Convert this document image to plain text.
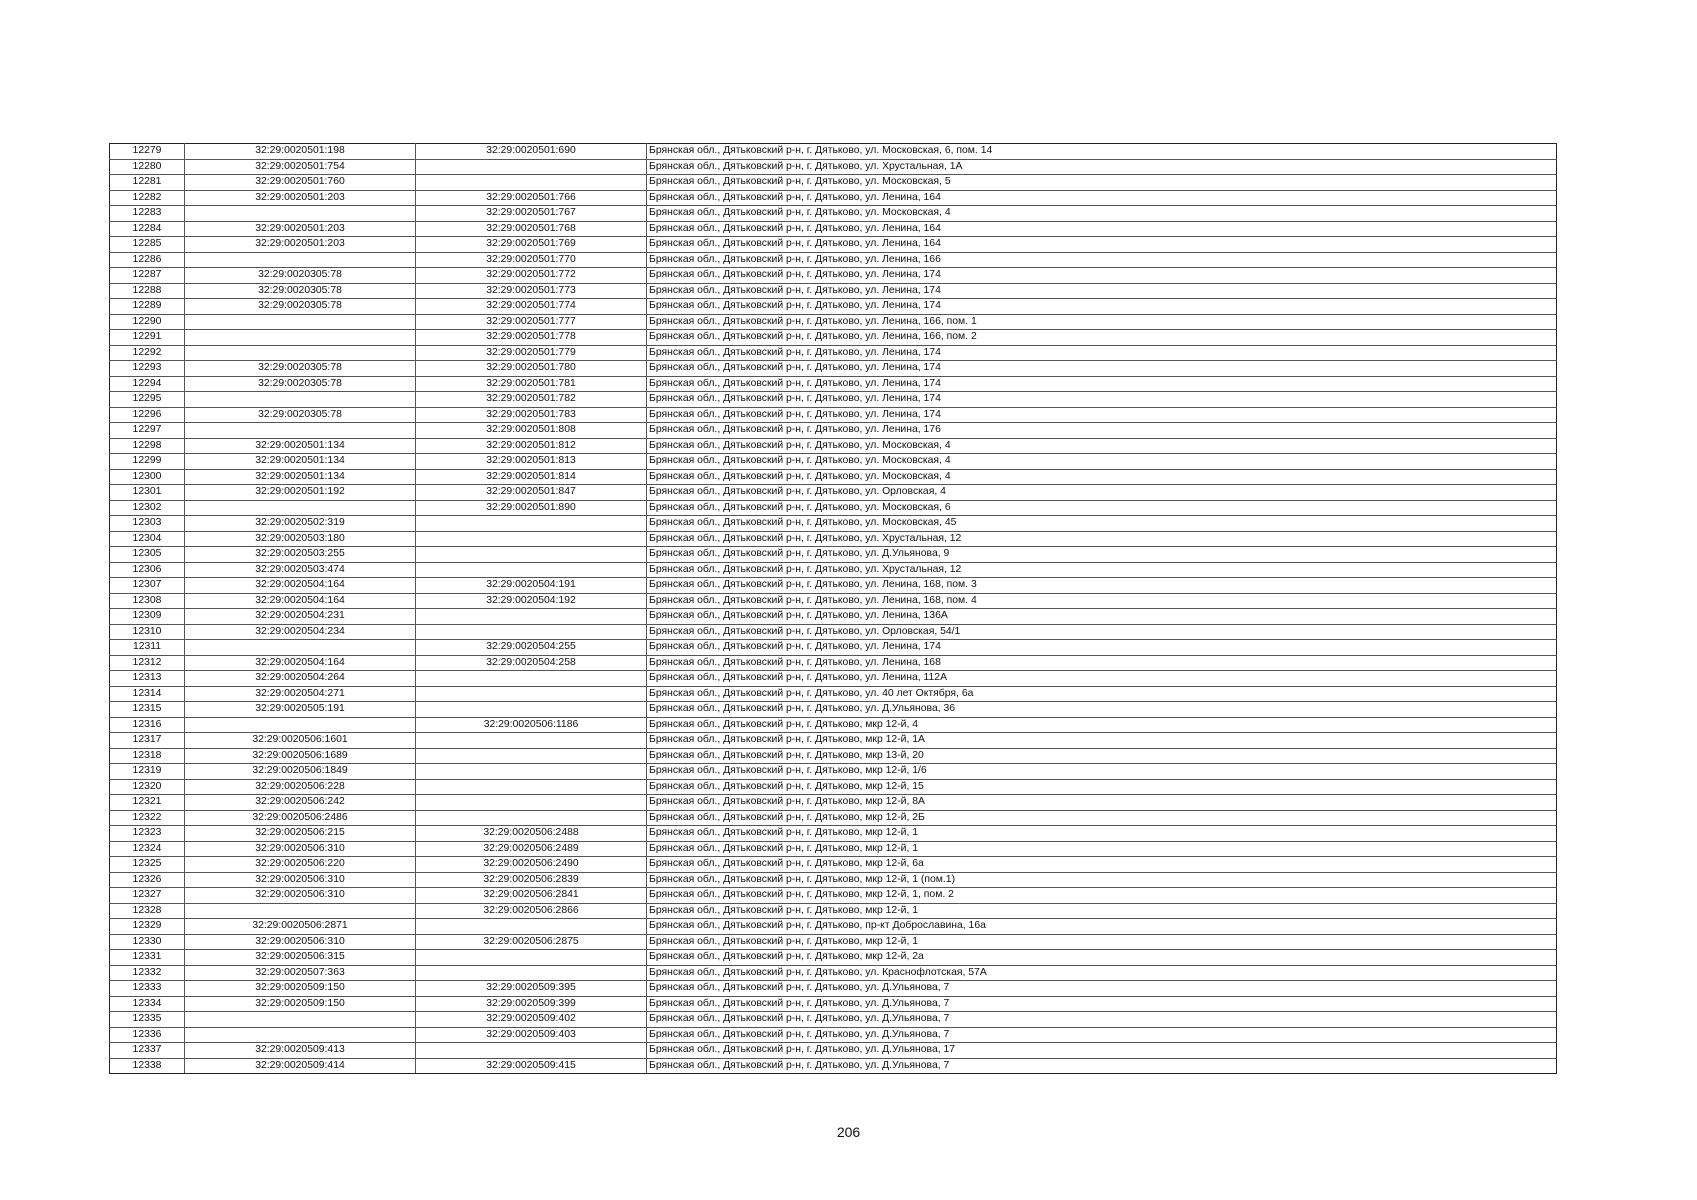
12279	32:29:0020501:198	32:29:0020501:690	Брянская обл., Дятьковский р-н, г. Дятьково, ул. Московская, 6, пом. 14
12280	32:29:0020501:754		Брянская обл., Дятьковский р-н, г. Дятьково, ул. Хрустальная, 1А
12281	32:29:0020501:760		Брянская обл., Дятьковский р-н, г. Дятьково, ул. Московская, 5
12282	32:29:0020501:203	32:29:0020501:766	Брянская обл., Дятьковский р-н, г. Дятьково, ул. Ленина, 164
12283		32:29:0020501:767	Брянская обл., Дятьковский р-н, г. Дятьково, ул. Московская, 4
12284	32:29:0020501:203	32:29:0020501:768	Брянская обл., Дятьковский р-н, г. Дятьково, ул. Ленина, 164
12285	32:29:0020501:203	32:29:0020501:769	Брянская обл., Дятьковский р-н, г. Дятьково, ул. Ленина, 164
12286		32:29:0020501:770	Брянская обл., Дятьковский р-н, г. Дятьково, ул. Ленина, 166
12287	32:29:0020305:78	32:29:0020501:772	Брянская обл., Дятьковский р-н, г. Дятьково, ул. Ленина, 174
12288	32:29:0020305:78	32:29:0020501:773	Брянская обл., Дятьковский р-н, г. Дятьково, ул. Ленина, 174
12289	32:29:0020305:78	32:29:0020501:774	Брянская обл., Дятьковский р-н, г. Дятьково, ул. Ленина, 174
12290		32:29:0020501:777	Брянская обл., Дятьковский р-н, г. Дятьково, ул. Ленина, 166, пом. 1
12291		32:29:0020501:778	Брянская обл., Дятьковский р-н, г. Дятьково, ул. Ленина, 166, пом. 2
12292		32:29:0020501:779	Брянская обл., Дятьковский р-н, г. Дятьково, ул. Ленина, 174
12293	32:29:0020305:78	32:29:0020501:780	Брянская обл., Дятьковский р-н, г. Дятьково, ул. Ленина, 174
12294	32:29:0020305:78	32:29:0020501:781	Брянская обл., Дятьковский р-н, г. Дятьково, ул. Ленина, 174
12295		32:29:0020501:782	Брянская обл., Дятьковский р-н, г. Дятьково, ул. Ленина, 174
12296	32:29:0020305:78	32:29:0020501:783	Брянская обл., Дятьковский р-н, г. Дятьково, ул. Ленина, 174
12297		32:29:0020501:808	Брянская обл., Дятьковский р-н, г. Дятьково, ул. Ленина, 176
12298	32:29:0020501:134	32:29:0020501:812	Брянская обл., Дятьковский р-н, г. Дятьково, ул. Московская, 4
12299	32:29:0020501:134	32:29:0020501:813	Брянская обл., Дятьковский р-н, г. Дятьково, ул. Московская, 4
12300	32:29:0020501:134	32:29:0020501:814	Брянская обл., Дятьковский р-н, г. Дятьково, ул. Московская, 4
12301	32:29:0020501:192	32:29:0020501:847	Брянская обл., Дятьковский р-н, г. Дятьково, ул. Орловская, 4
12302		32:29:0020501:890	Брянская обл., Дятьковский р-н, г. Дятьково, ул. Московская, 6
12303	32:29:0020502:319		Брянская обл., Дятьковский р-н, г. Дятьково, ул. Московская, 45
12304	32:29:0020503:180		Брянская обл., Дятьковский р-н, г. Дятьково, ул. Хрустальная, 12
12305	32:29:0020503:255		Брянская обл., Дятьковский р-н, г. Дятьково, ул. Д.Ульянова, 9
12306	32:29:0020503:474		Брянская обл., Дятьковский р-н, г. Дятьково, ул. Хрустальная, 12
12307	32:29:0020504:164	32:29:0020504:191	Брянская обл., Дятьковский р-н, г. Дятьково, ул. Ленина, 168, пом. 3
12308	32:29:0020504:164	32:29:0020504:192	Брянская обл., Дятьковский р-н, г. Дятьково, ул. Ленина, 168, пом. 4
12309	32:29:0020504:231		Брянская обл., Дятьковский р-н, г. Дятьково, ул. Ленина, 136А
12310	32:29:0020504:234		Брянская обл., Дятьковский р-н, г. Дятьково, ул. Орловская, 54/1
12311		32:29:0020504:255	Брянская обл., Дятьковский р-н, г. Дятьково, ул. Ленина, 174
12312	32:29:0020504:164	32:29:0020504:258	Брянская обл., Дятьковский р-н, г. Дятьково, ул. Ленина, 168
12313	32:29:0020504:264		Брянская обл., Дятьковский р-н, г. Дятьково, ул. Ленина, 112А
12314	32:29:0020504:271		Брянская обл., Дятьковский р-н, г. Дятьково, ул. 40 лет Октября, 6а
12315	32:29:0020505:191		Брянская обл., Дятьковский р-н, г. Дятьково, ул. Д.Ульянова, 36
12316		32:29:0020506:1186	Брянская обл., Дятьковский р-н, г. Дятьково, мкр 12-й, 4
12317	32:29:0020506:1601		Брянская обл., Дятьковский р-н, г. Дятьково, мкр 12-й, 1А
12318	32:29:0020506:1689		Брянская обл., Дятьковский р-н, г. Дятьково, мкр 13-й, 20
12319	32:29:0020506:1849		Брянская обл., Дятьковский р-н, г. Дятьково, мкр 12-й, 1/6
12320	32:29:0020506:228		Брянская обл., Дятьковский р-н, г. Дятьково, мкр 12-й, 15
12321	32:29:0020506:242		Брянская обл., Дятьковский р-н, г. Дятьково, мкр 12-й, 8А
12322	32:29:0020506:2486		Брянская обл., Дятьковский р-н, г. Дятьково, мкр 12-й, 2Б
12323	32:29:0020506:215	32:29:0020506:2488	Брянская обл., Дятьковский р-н, г. Дятьково, мкр 12-й, 1
12324	32:29:0020506:310	32:29:0020506:2489	Брянская обл., Дятьковский р-н, г. Дятьково, мкр 12-й, 1
12325	32:29:0020506:220	32:29:0020506:2490	Брянская обл., Дятьковский р-н, г. Дятьково, мкр 12-й, 6а
12326	32:29:0020506:310	32:29:0020506:2839	Брянская обл., Дятьковский р-н, г. Дятьково, мкр 12-й, 1 (пом.1)
12327	32:29:0020506:310	32:29:0020506:2841	Брянская обл., Дятьковский р-н, г. Дятьково, мкр 12-й, 1, пом. 2
12328		32:29:0020506:2866	Брянская обл., Дятьковский р-н, г. Дятьково, мкр 12-й, 1
12329	32:29:0020506:2871		Брянская обл., Дятьковский р-н, г. Дятьково, пр-кт Доброславина, 16а
12330	32:29:0020506:310	32:29:0020506:2875	Брянская обл., Дятьковский р-н, г. Дятьково, мкр 12-й, 1
12331	32:29:0020506:315		Брянская обл., Дятьковский р-н, г. Дятьково, мкр 12-й, 2а
12332	32:29:0020507:363		Брянская обл., Дятьковский р-н, г. Дятьково, ул. Краснофлотская, 57А
12333	32:29:0020509:150	32:29:0020509:395	Брянская обл., Дятьковский р-н, г. Дятьково, ул. Д.Ульянова, 7
12334	32:29:0020509:150	32:29:0020509:399	Брянская обл., Дятьковский р-н, г. Дятьково, ул. Д.Ульянова, 7
12335		32:29:0020509:402	Брянская обл., Дятьковский р-н, г. Дятьково, ул. Д.Ульянова, 7
12336		32:29:0020509:403	Брянская обл., Дятьковский р-н, г. Дятьково, ул. Д.Ульянова, 7
12337	32:29:0020509:413		Брянская обл., Дятьковский р-н, г. Дятьково, ул. Д.Ульянова, 17
12338	32:29:0020509:414	32:29:0020509:415	Брянская обл., Дятьковский р-н, г. Дятьково, ул. Д.Ульянова, 7
206
